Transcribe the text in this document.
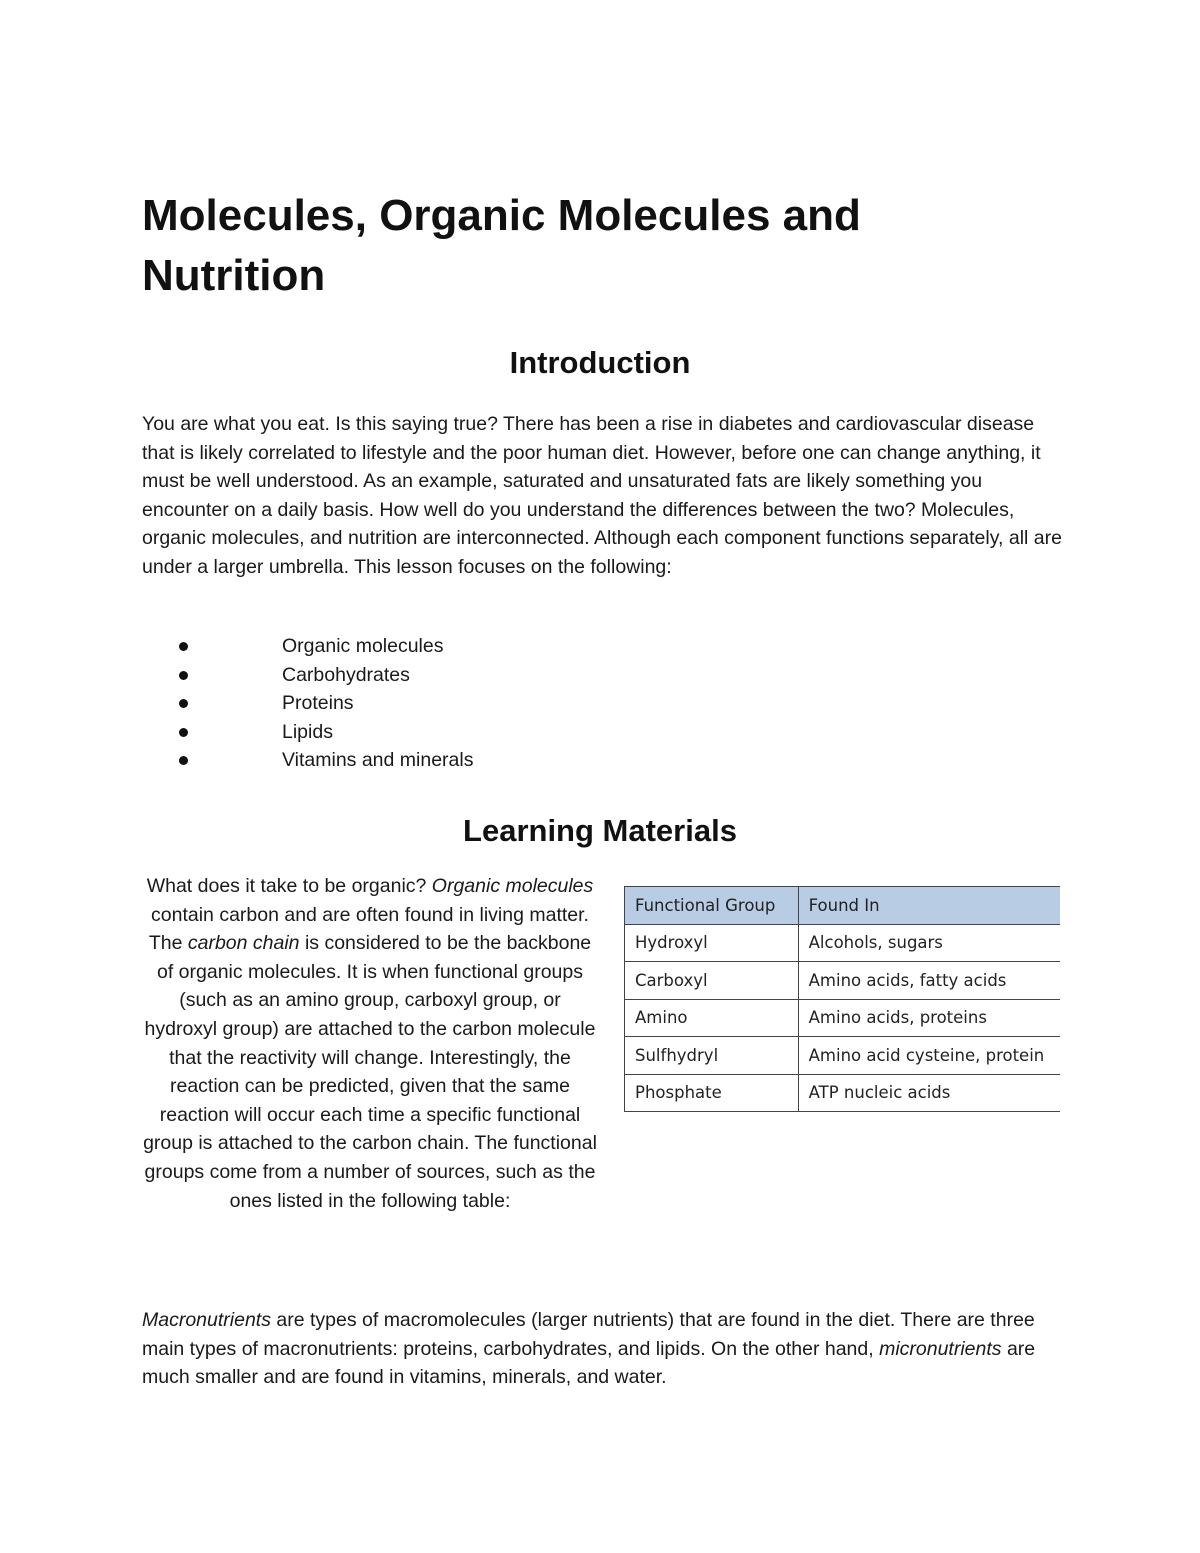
Molecules, Organic Molecules and Nutrition
Introduction

You are what you eat. Is this saying true? There has been a rise in diabetes and cardiovascular disease that is likely correlated to lifestyle and the poor human diet. However, before one can change anything, it must be well understood. As an example, saturated and unsaturated fats are likely something you encounter on a daily basis. How well do you understand the differences between the two? Molecules, organic molecules, and nutrition are interconnected. Although each component functions separately, all are under a larger umbrella. This lesson focuses on the following:

Organic molecules
Carbohydrates
Proteins
Lipids
Vitamins and minerals
Learning Materials

What does it take to be organic? Organic molecules contain carbon and are often found in living matter. The carbon chain is considered to be the backbone of organic molecules. It is when functional groups (such as an amino group, carboxyl group, or hydroxyl group) are attached to the carbon molecule that the reactivity will change. Interestingly, the reaction can be predicted, given that the same reaction will occur each time a specific functional group is attached to the carbon chain. The functional groups come from a number of sources, such as the ones listed in the following table:

Functional Group	Found In
Hydroxyl	Alcohols, sugars
Carboxyl	Amino acids, fatty acids
Amino	Amino acids, proteins
Sulfhydryl	Amino acid cysteine, protein
Phosphate	ATP nucleic acids

Macronutrients are types of macromolecules (larger nutrients) that are found in the diet. There are three main types of macronutrients: proteins, carbohydrates, and lipids. On the other hand, micronutrients are much smaller and are found in vitamins, minerals, and water.
